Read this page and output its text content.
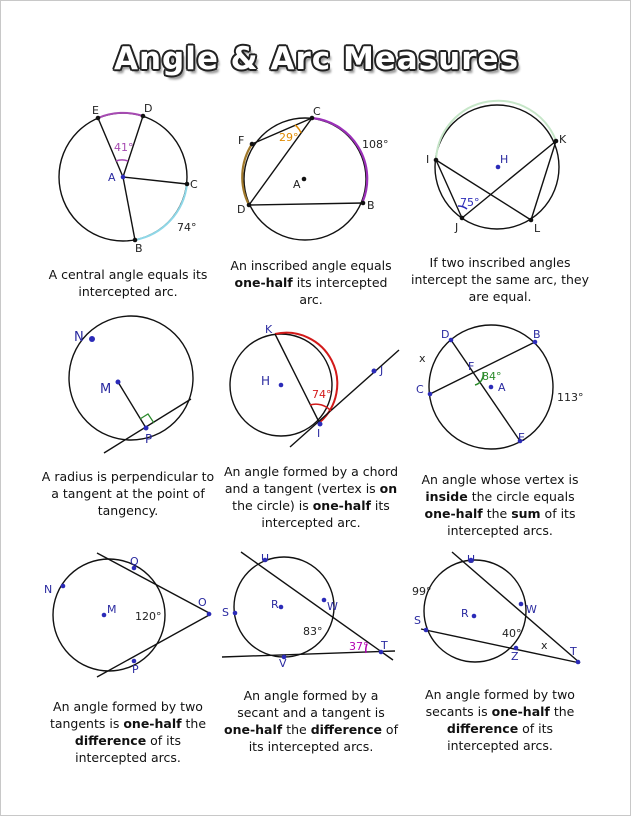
Angle & Arc Measures
E	D
A
C
B
41°
74°
C
F
A
D	B
29°
108°
I
K
H
J	L
75°
N
M
P
K
H
J
I
74°
D	B
x
F
A
C
E
84°
113°
Q
N
M
O
P
120°
U
S
R	W
T
V
37°
83°
U
R	W
S
Z	T
x
40°
99°
A central angle equals its intercepted arc.
An inscribed angle equals one-half its intercepted arc.
If two inscribed angles intercept the same arc, they are equal.
A radius is perpendicular to a tangent at the point of tangency.
An angle formed by a chord and a tangent (vertex is on the circle) is one-half its intercepted arc.
An angle whose vertex is inside the circle equals one-half the sum of its intercepted arcs.
An angle formed by two tangents is one-half the difference of its intercepted arcs.
An angle formed by a secant and a tangent is one-half the difference of its intercepted arcs.
An angle formed by two secants is one-half the difference of its intercepted arcs.
